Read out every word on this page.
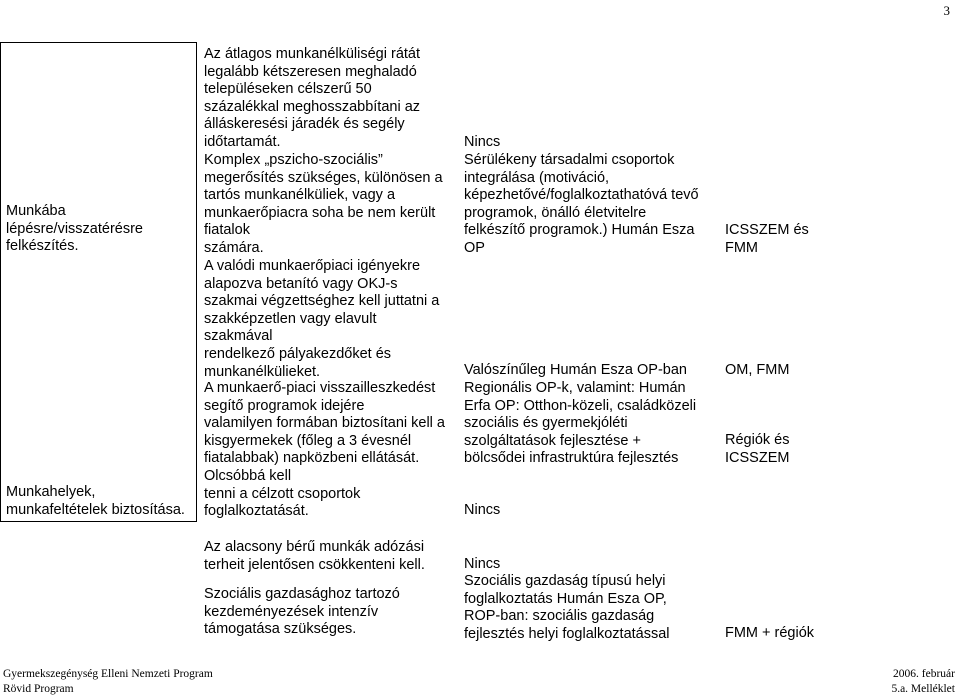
3
Munkába
lépésre/visszatérésre
felkészítés.
Munkahelyek,
munkafeltételek biztosítása.
Az átlagos munkanélküliségi rátát
legalább kétszeresen meghaladó
településeken célszerű 50
százalékkal meghosszabbítani az
álláskeresési járadék és segély
időtartamát.
Komplex „pszicho-szociális”
megerősítés szükséges, különösen a
tartós munkanélküliek, vagy a
munkaerőpiacra soha be nem került
fiatalok
számára.
A valódi munkaerőpiaci igényekre
alapozva betanító vagy OKJ-s
szakmai végzettséghez kell juttatni a
szakképzetlen vagy elavult
szakmával
rendelkező pályakezdőket és
munkanélkülieket.
A munkaerő-piaci visszailleszkedést
segítő programok idejére
valamilyen formában biztosítani kell a
kisgyermekek (főleg a 3 évesnél
fiatalabbak) napközbeni ellátását.
Olcsóbbá kell
tenni a célzott csoportok
foglalkoztatását.
Az alacsony bérű munkák adózási
terheit jelentősen csökkenteni kell.
Szociális gazdasághoz tartozó
kezdeményezések intenzív
támogatása szükséges.
Nincs
Sérülékeny társadalmi csoportok
integrálása (motiváció,
képezhetővé/foglalkoztathatóvá tevő
programok, önálló életvitelre
felkészítő programok.) Humán Esza
OP
Valószínűleg Humán Esza OP-ban
Regionális OP-k, valamint: Humán
Erfa OP: Otthon-közeli, családközeli
szociális és gyermekjóléti
szolgáltatások fejlesztése +
bölcsődei infrastruktúra fejlesztés
Nincs
Nincs
Szociális gazdaság típusú helyi
foglalkoztatás Humán Esza OP,
ROP-ban: szociális gazdaság
fejlesztés helyi foglalkoztatással
ICSSZEM és
FMM
OM, FMM
Régiók és
ICSSZEM
FMM + régiók
Gyermekszegénység Elleni Nemzeti Program
Rövid Program
2006. február
5.a. Melléklet
